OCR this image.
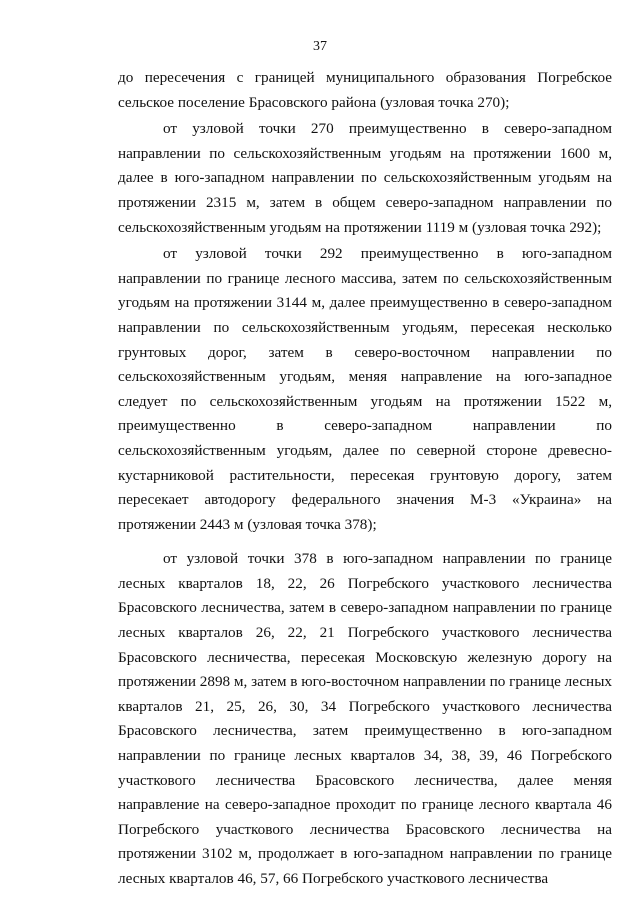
37

до пересечения с границей муниципального образования Погребское сельское поселение Брасовского района (узловая точка 270);

от узловой точки 270 преимущественно в северо-западном направлении по сельскохозяйственным угодьям на протяжении 1600 м, далее в юго-западном направлении по сельскохозяйственным угодьям на протяжении 2315 м, затем в общем северо-западном направлении по сельскохозяйственным угодьям на протяжении 1119 м (узловая точка 292);

от узловой точки 292 преимущественно в юго-западном направлении по границе лесного массива, затем по сельскохозяйственным угодьям на протяжении 3144 м, далее преимущественно в северо-западном направлении по сельскохозяйственным угодьям, пересекая несколько грунтовых дорог, затем в северо-восточном направлении по сельскохозяйственным угодьям, меняя направление на юго-западное следует по сельскохозяйственным угодьям на протяжении 1522 м, преимущественно в северо-западном направлении по сельскохозяйственным угодьям, далее по северной стороне древесно-кустарниковой растительности, пересекая грунтовую дорогу, затем пересекает автодорогу федерального значения М-3 «Украина» на протяжении 2443 м (узловая точка 378);

от узловой точки 378 в юго-западном направлении по границе лесных кварталов 18, 22, 26 Погребского участкового лесничества Брасовского лесничества, затем в северо-западном направлении по границе лесных кварталов 26, 22, 21 Погребского участкового лесничества Брасовского лесничества, пересекая Московскую железную дорогу на протяжении 2898 м, затем в юго-восточном направлении по границе лесных кварталов 21, 25, 26, 30, 34 Погребского участкового лесничества Брасовского лесничества, затем преимущественно в юго-западном направлении по границе лесных кварталов 34, 38, 39, 46 Погребского участкового лесничества Брасовского лесничества, далее меняя направление на северо-западное проходит по границе лесного квартала 46 Погребского участкового лесничества Брасовского лесничества на протяжении 3102 м, продолжает в юго-западном направлении по границе лесных кварталов 46, 57, 66 Погребского участкового лесничества
